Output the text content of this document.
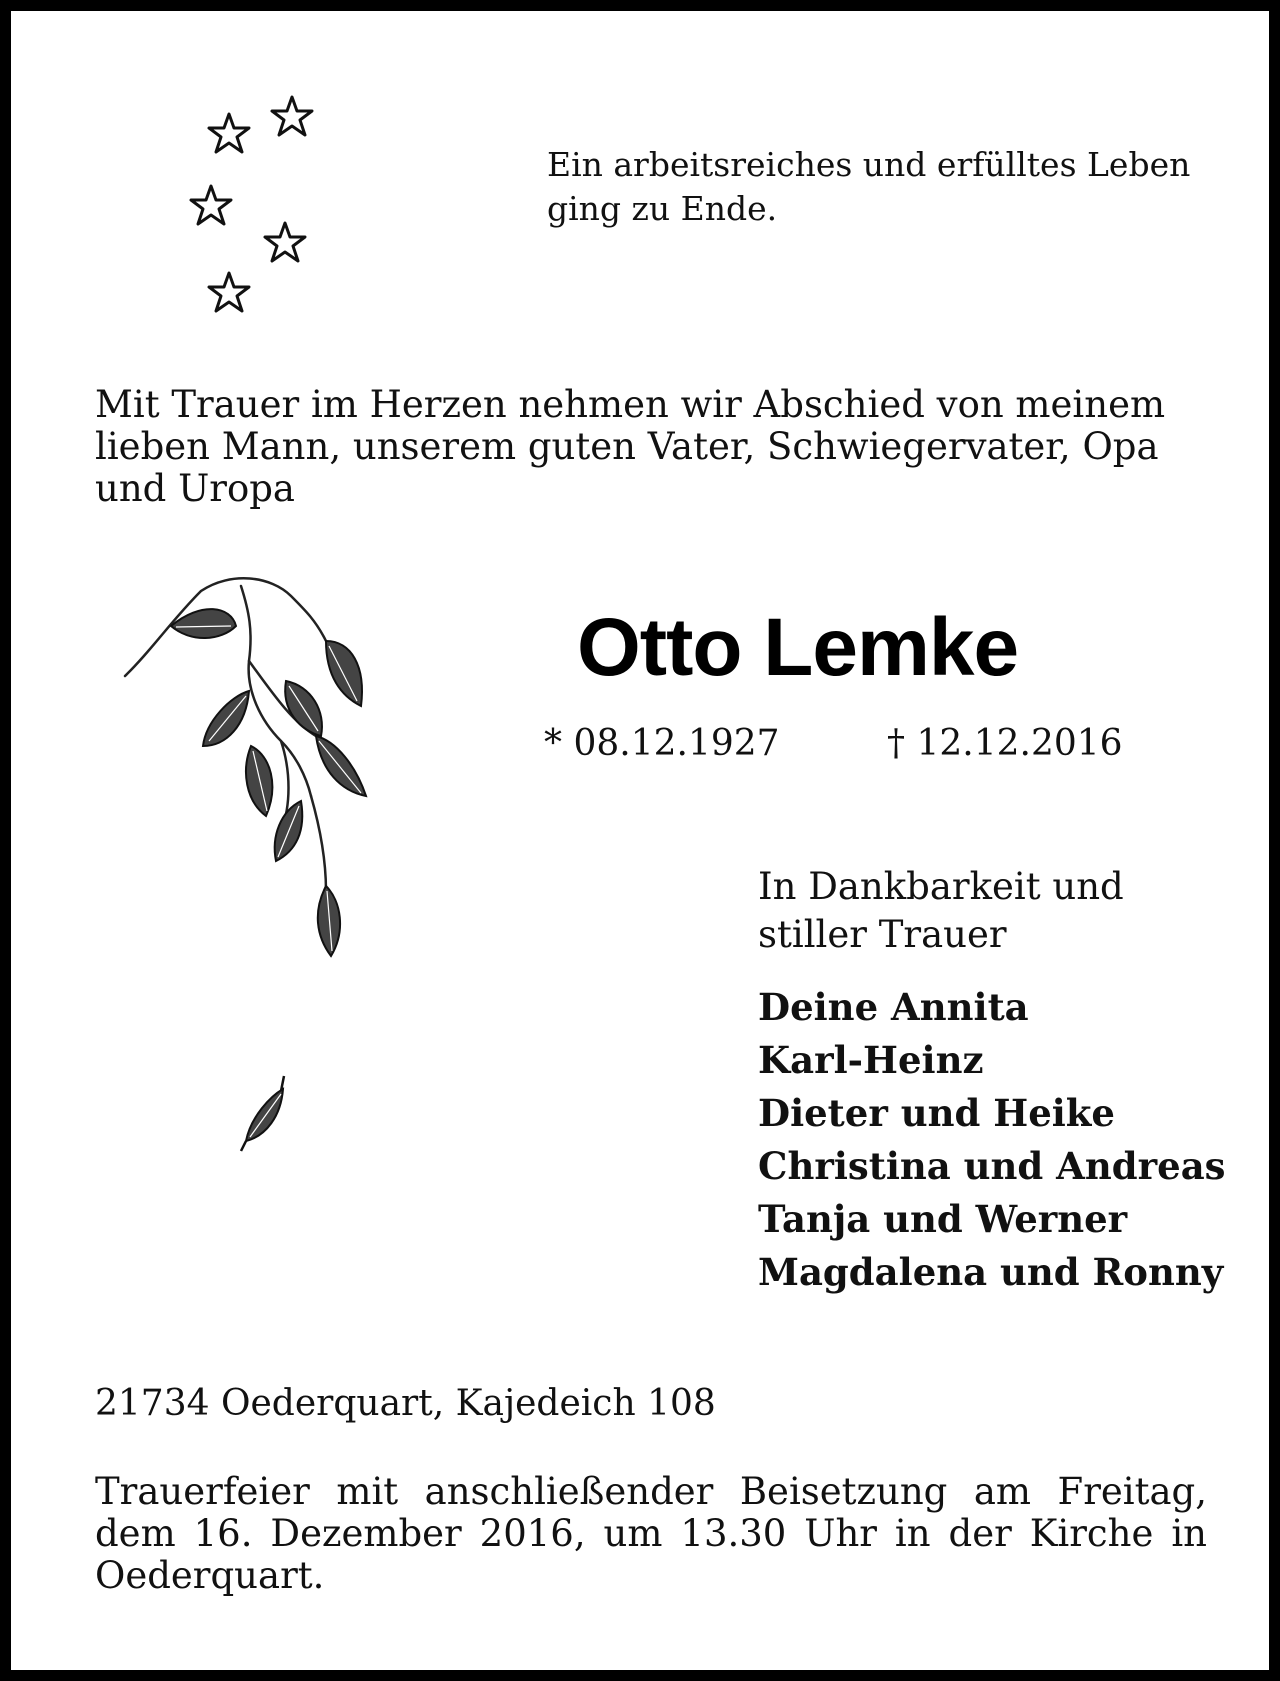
Ein arbeitsreiches und erfülltes Leben
ging zu Ende.
Mit Trauer im Herzen nehmen wir Abschied von meinem
lieben Mann, unserem guten Vater, Schwiegervater, Opa
und Uropa
Otto Lemke
* 08.12.1927	† 12.12.2016
In Dankbarkeit und
stiller Trauer
Deine Annita
Karl-Heinz
Dieter und Heike
Christina und Andreas
Tanja und Werner
Magdalena und Ronny
21734 Oederquart, Kajedeich 108
Trauerfeier mit anschließender Beisetzung am Freitag,
dem 16. Dezember 2016, um 13.30 Uhr in der Kirche in
Oederquart.
